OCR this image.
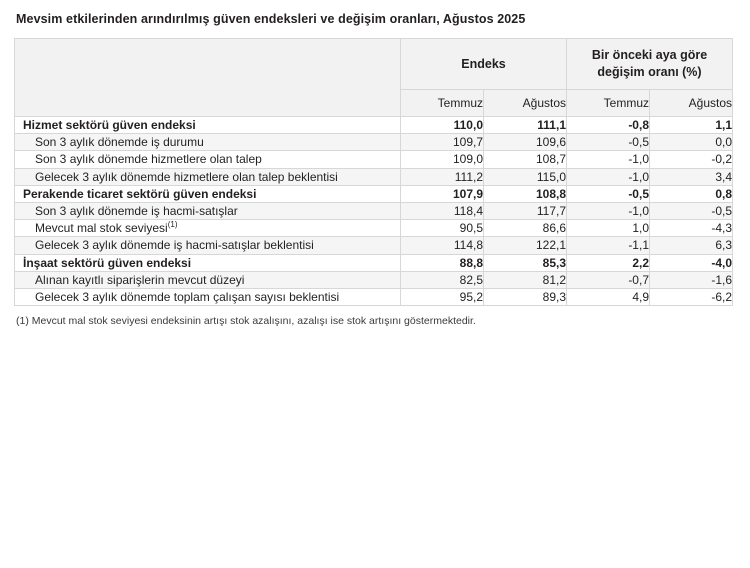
Mevsim etkilerinden arındırılmış güven endeksleri ve değişim oranları, Ağustos 2025
	Endeks		Bir önceki aya göre
değişim oranı (%)	
	Temmuz	Ağustos	Temmuz	Ağustos
Hizmet sektörü güven endeksi	110,0	111,1	-0,8	1,1
Son 3 aylık dönemde iş durumu	109,7	109,6	-0,5	0,0
Son 3 aylık dönemde hizmetlere olan talep	109,0	108,7	-1,0	-0,2
Gelecek 3 aylık dönemde hizmetlere olan talep beklentisi	111,2	115,0	-1,0	3,4
Perakende ticaret sektörü güven endeksi	107,9	108,8	-0,5	0,8
Son 3 aylık dönemde iş hacmi-satışlar	118,4	117,7	-1,0	-0,5
Mevcut mal stok seviyesi$^{(1)}$	90,5	86,6	1,0	-4,3
Gelecek 3 aylık dönemde iş hacmi-satışlar beklentisi	114,8	122,1	-1,1	6,3
İnşaat sektörü güven endeksi	88,8	85,3	2,2	-4,0
Alınan kayıtlı siparişlerin mevcut düzeyi	82,5	81,2	-0,7	-1,6
Gelecek 3 aylık dönemde toplam çalışan sayısı beklentisi	95,2	89,3	4,9	-6,2
(1) Mevcut mal stok seviyesi endeksinin artışı stok azalışını, azalışı ise stok artışını göstermektedir.
